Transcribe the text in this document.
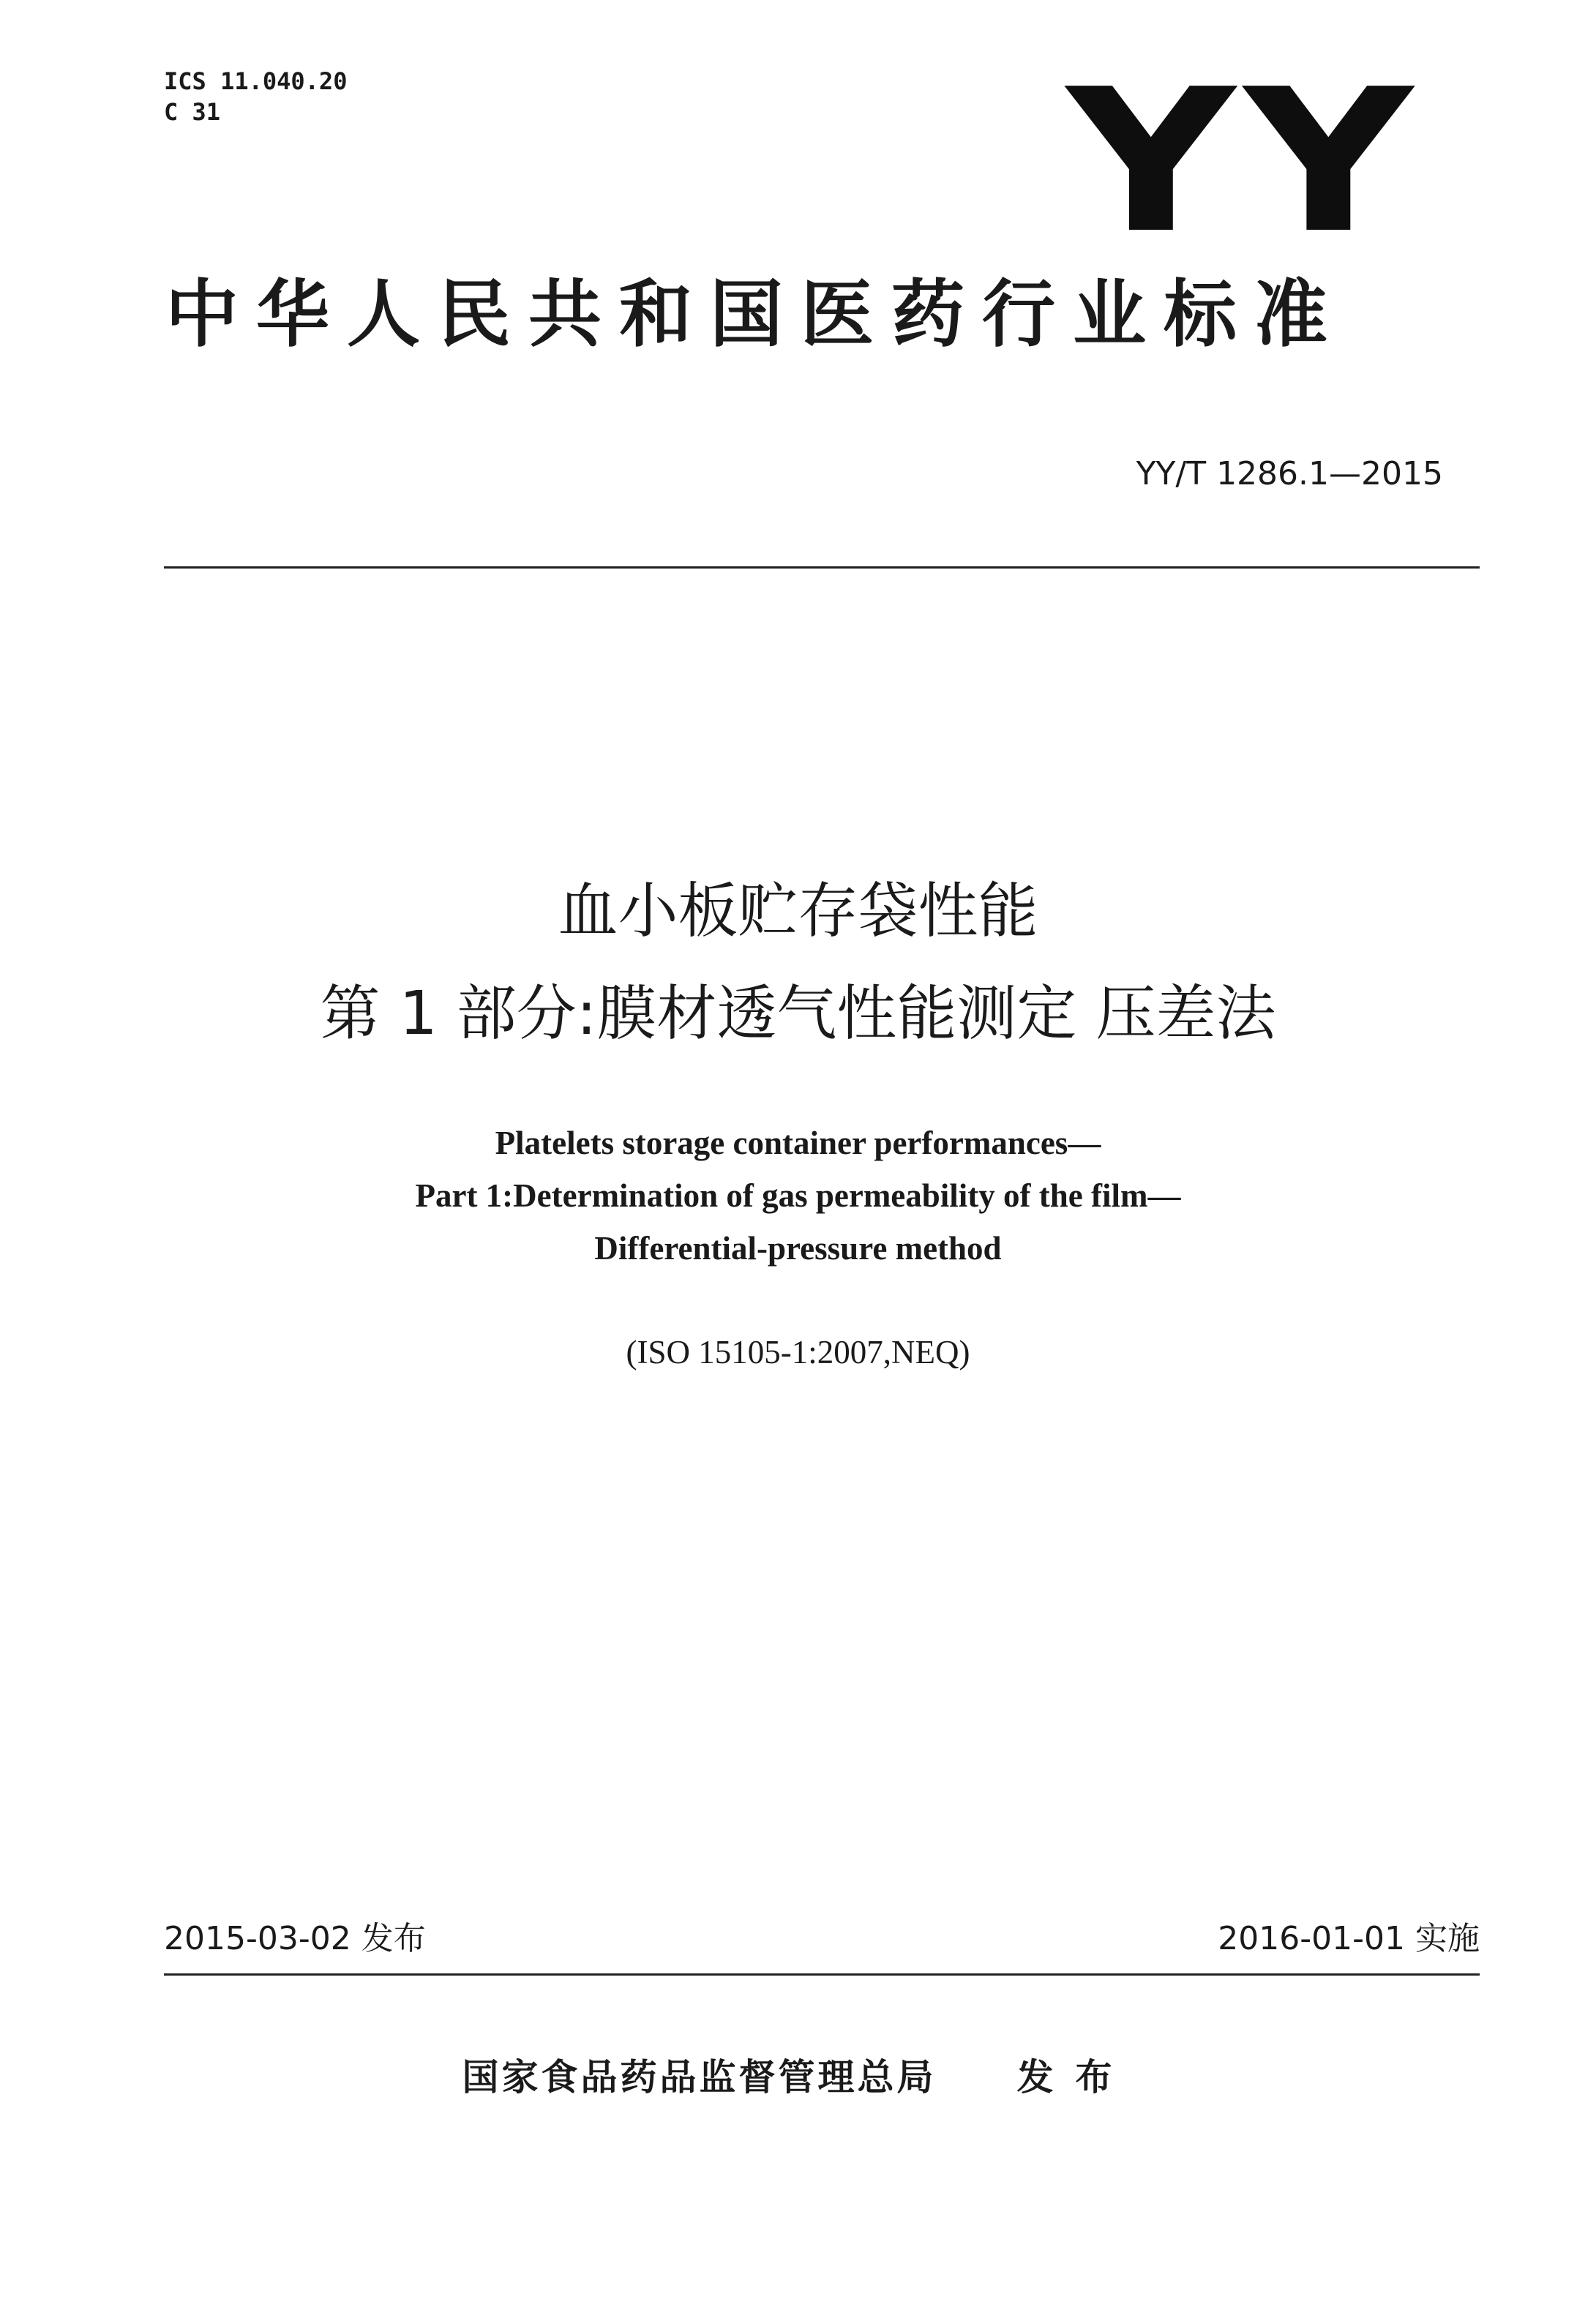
ICS 11.040.20
C 31	YY
中华人民共和国医药行业标准
YY/T 1286.1—2015
血小板贮存袋性能
第 1 部分:膜材透气性能测定 压差法
Platelets storage container performances—
Part 1:Determination of gas permeability of the film—
Differential-pressure method
(ISO 15105-1:2007,NEQ)
2015-03-02 发布	2016-01-01 实施
国家食品药品监督管理总局 发布
